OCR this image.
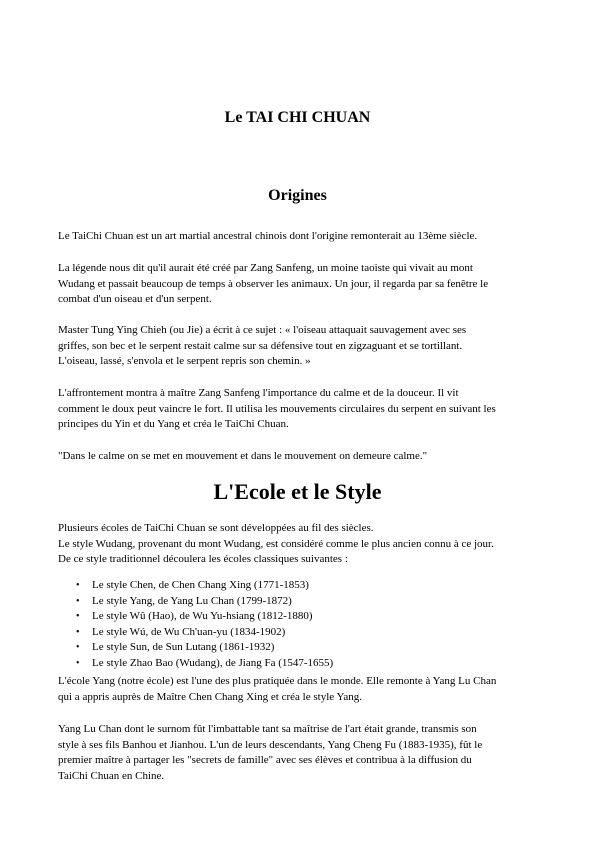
Le TAI CHI CHUAN
Origines

Le TaiChi Chuan est un art martial ancestral chinois dont l'origine remonterait au 13ème siècle.

La légende nous dit qu'il aurait été créé par Zang Sanfeng, un moine taoiste qui vivait au mont
Wudang et passait beaucoup de temps à observer les animaux. Un jour, il regarda par sa fenêtre le
combat d'un oiseau et d'un serpent.

Master Tung Ying Chieh (ou Jie) a écrit à ce sujet : « l'oiseau attaquait sauvagement avec ses
griffes, son bec et le serpent restait calme sur sa défensive tout en zigzaguant et se tortillant.
L'oiseau, lassé, s'envola et le serpent repris son chemin. »

L'affrontement montra à maître Zang Sanfeng l'importance du calme et de la douceur. Il vit
comment le doux peut vaincre le fort. Il utilisa les mouvements circulaires du serpent en suivant les
principes du Yin et du Yang et créa le TaiChi Chuan.

"Dans le calme on se met en mouvement et dans le mouvement on demeure calme."

L'Ecole et le Style

Plusieurs écoles de TaiChi Chuan se sont développées au fil des siècles.
Le style Wudang, provenant du mont Wudang, est considéré comme le plus ancien connu à ce jour.
De ce style traditionnel découlera les écoles classiques suivantes :

• Le style Chen, de Chen Chang Xing (1771-1853)
• Le style Yang, de Yang Lu Chan (1799-1872)
• Le style Wû (Hao), de Wu Yu-hsiang (1812-1880)
• Le style Wú, de Wu Ch'uan-yu (1834-1902)
• Le style Sun, de Sun Lutang (1861-1932)
• Le style Zhao Bao (Wudang), de Jiang Fa (1547-1655)

L'école Yang (notre école) est l'une des plus pratiquée dans le monde. Elle remonte à Yang Lu Chan
qui a appris auprès de Maître Chen Chang Xing et créa le style Yang.

Yang Lu Chan dont le surnom fût l'imbattable tant sa maîtrise de l'art était grande, transmis son
style à ses fils Banhou et Jianhou. L'un de leurs descendants, Yang Cheng Fu (1883-1935), fût le
premier maître à partager les "secrets de famille" avec ses élèves et contribua à la diffusion du
TaiChi Chuan en Chine.
